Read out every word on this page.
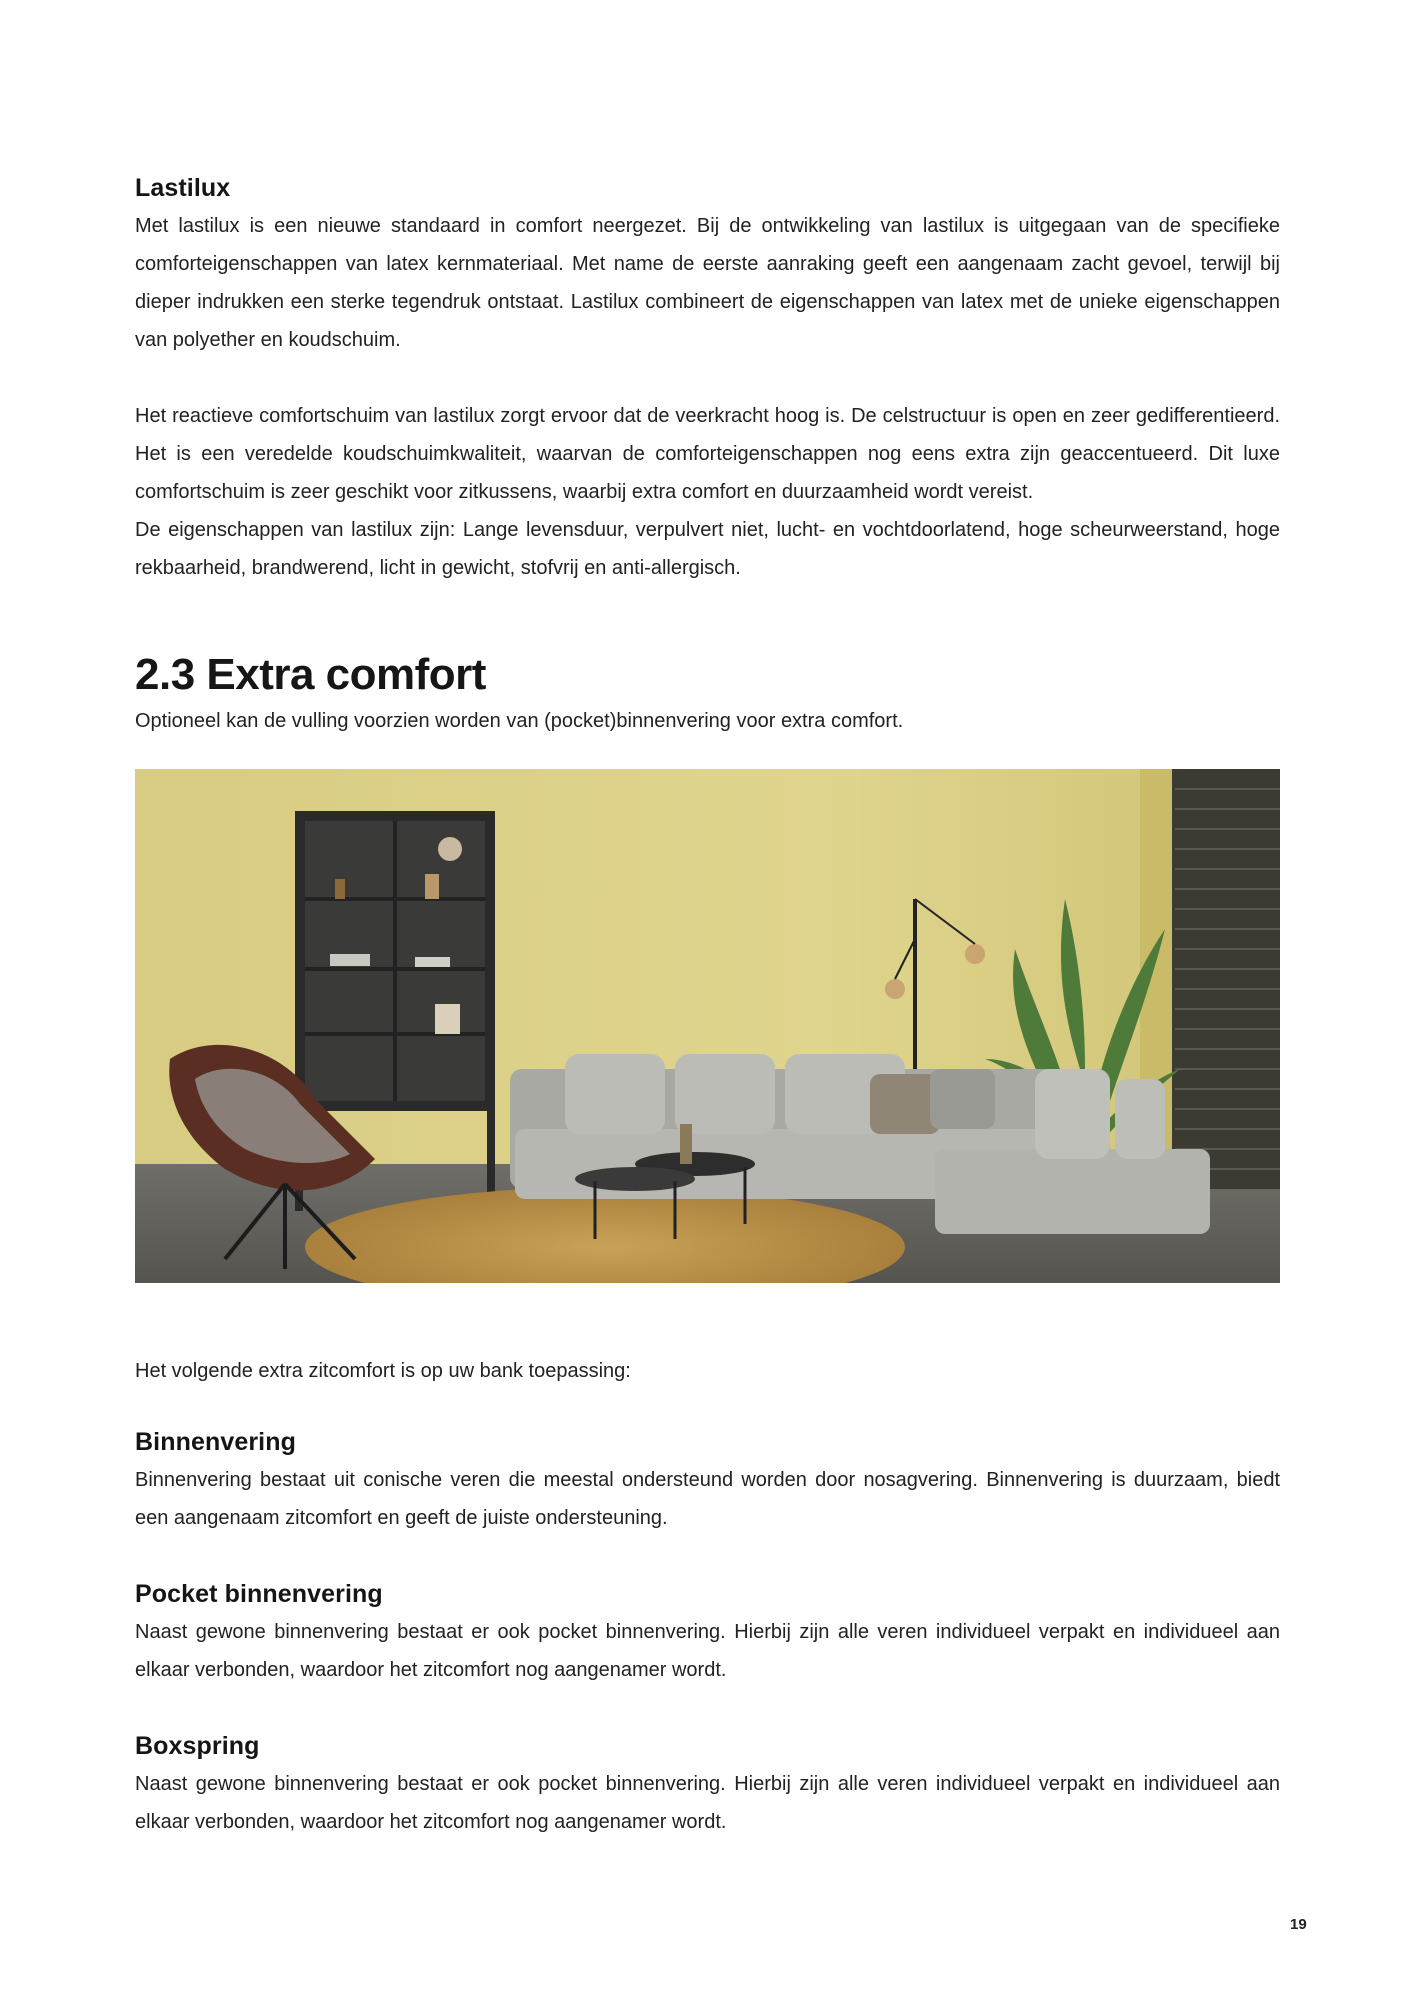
Lastilux

Met lastilux is een nieuwe standaard in comfort neergezet. Bij de ontwikkeling van lastilux is uitgegaan van de specifieke comforteigenschappen van latex kernmateriaal. Met name de eerste aanraking geeft een aangenaam zacht gevoel, terwijl bij dieper indrukken een sterke tegendruk ontstaat. Lastilux combineert de eigenschappen van latex met de unieke eigenschappen van polyether en koudschuim.

Het reactieve comfortschuim van lastilux zorgt ervoor dat de veerkracht hoog is. De celstructuur is open en zeer gedifferentieerd. Het is een veredelde koudschuimkwaliteit, waarvan de comforteigenschappen nog eens extra zijn geaccentueerd. Dit luxe comfortschuim is zeer geschikt voor zitkussens, waarbij extra comfort en duurzaamheid wordt vereist.

De eigenschappen van lastilux zijn: Lange levensduur, verpulvert niet, lucht- en vochtdoorlatend, hoge scheurweerstand, hoge rekbaarheid, brandwerend, licht in gewicht, stofvrij en anti-allergisch.

2.3 Extra comfort

Optioneel kan de vulling voorzien worden van (pocket)binnenvering voor extra comfort.

Het volgende extra zitcomfort is op uw bank toepassing:

Binnenvering

Binnenvering bestaat uit conische veren die meestal ondersteund worden door nosagvering. Binnenvering is duurzaam, biedt een aangenaam zitcomfort en geeft de juiste ondersteuning.

Pocket binnenvering

Naast gewone binnenvering bestaat er ook pocket binnenvering. Hierbij zijn alle veren individueel verpakt en individueel aan elkaar verbonden, waardoor het zitcomfort nog aangenamer wordt.

Boxspring

Naast gewone binnenvering bestaat er ook pocket binnenvering. Hierbij zijn alle veren individueel verpakt en individueel aan elkaar verbonden, waardoor het zitcomfort nog aangenamer wordt.

19
